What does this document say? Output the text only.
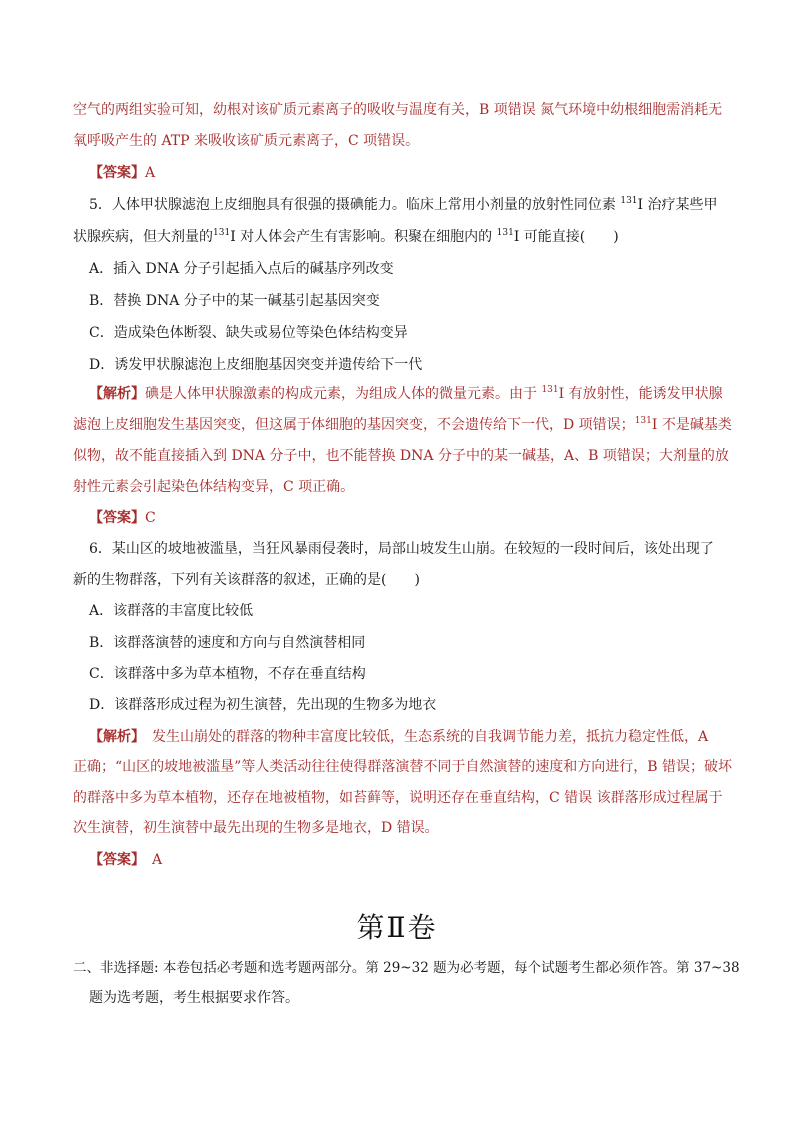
空气的两组实验可知，幼根对该矿质元素离子的吸收与温度有关，B 项错误 氮气环境中幼根细胞需消耗无
氧呼吸产生的 ATP 来吸收该矿质元素离子，C 项错误。
【答案】A
5．人体甲状腺滤泡上皮细胞具有很强的摄碘能力。临床上常用小剂量的放射性同位素 $^{131}$I 治疗某些甲
状腺疾病，但大剂量的$^{131}$I 对人体会产生有害影响。积聚在细胞内的 $^{131}$I 可能直接(　　)
A．插入 DNA 分子引起插入点后的碱基序列改变
B．替换 DNA 分子中的某一碱基引起基因突变
C．造成染色体断裂、缺失或易位等染色体结构变异
D．诱发甲状腺滤泡上皮细胞基因突变并遗传给下一代
【解析】碘是人体甲状腺激素的构成元素，为组成人体的微量元素。由于 $^{131}$I 有放射性，能诱发甲状腺
滤泡上皮细胞发生基因突变，但这属于体细胞的基因突变，不会遗传给下一代，D 项错误；$^{131}$I 不是碱基类
似物，故不能直接插入到 DNA 分子中，也不能替换 DNA 分子中的某一碱基，A、B 项错误；大剂量的放
射性元素会引起染色体结构变异，C 项正确。
【答案】C
6．某山区的坡地被滥垦，当狂风暴雨侵袭时，局部山坡发生山崩。在较短的一段时间后，该处出现了
新的生物群落，下列有关该群落的叙述，正确的是(　　)
A．该群落的丰富度比较低
B．该群落演替的速度和方向与自然演替相同
C．该群落中多为草本植物，不存在垂直结构
D．该群落形成过程为初生演替，先出现的生物多为地衣
【解析】　发生山崩处的群落的物种丰富度比较低，生态系统的自我调节能力差，抵抗力稳定性低，A
正确；“山区的坡地被滥垦”等人类活动往往使得群落演替不同于自然演替的速度和方向进行，B 错误；破坏
的群落中多为草本植物，还存在地被植物，如苔藓等，说明还存在垂直结构，C 错误 该群落形成过程属于
次生演替，初生演替中最先出现的生物多是地衣，D 错误。
【答案】　A
第Ⅱ卷
二、非选择题: 本卷包括必考题和选考题两部分。第 29~32 题为必考题，每个试题考生都必须作答。第 37~38
题为选考题，考生根据要求作答。
